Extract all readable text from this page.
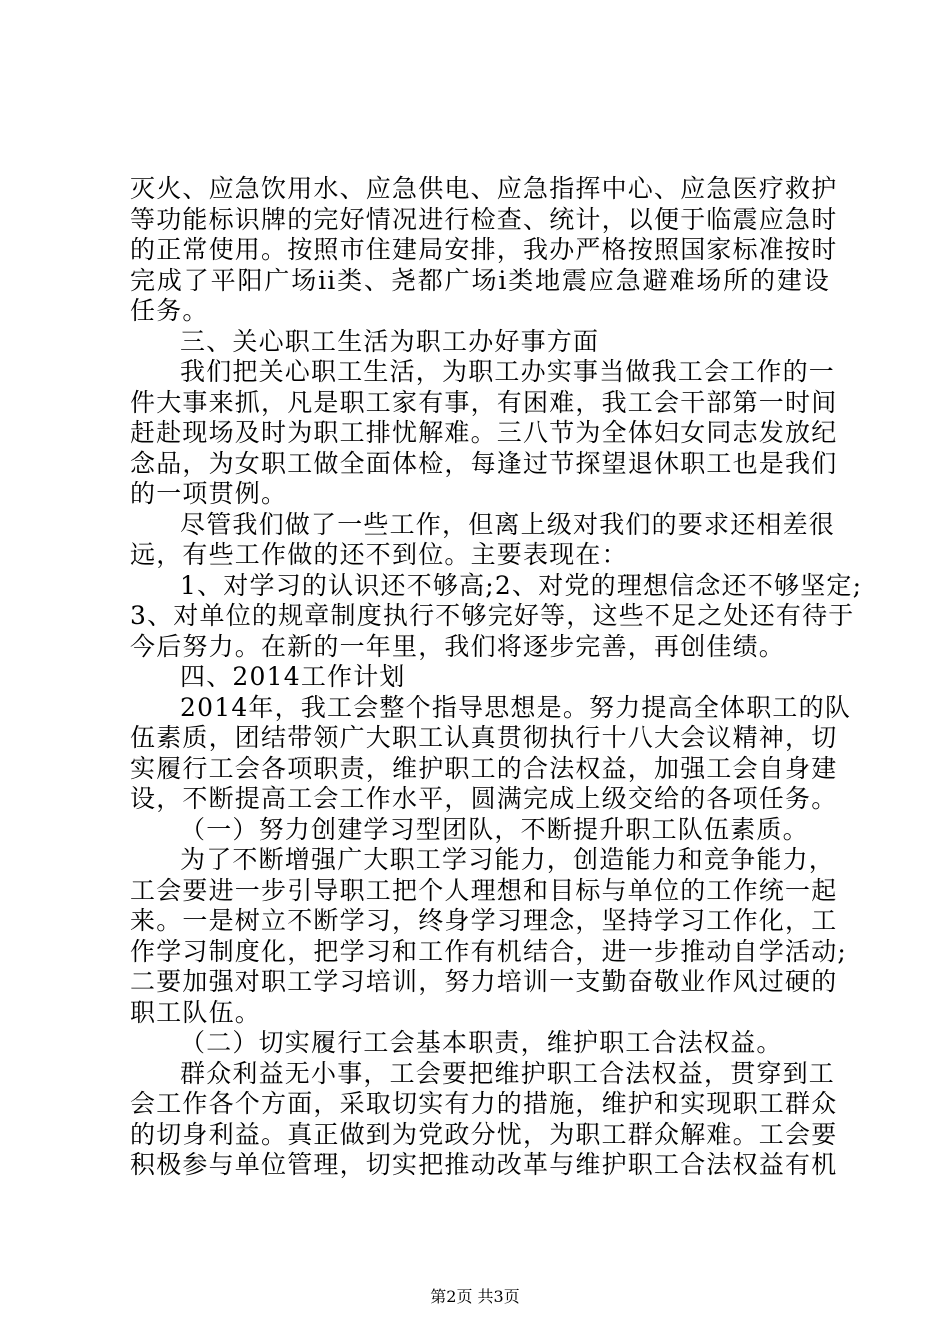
灭火、应急饮用水、应急供电、应急指挥中心、应急医疗救护
等功能标识牌的完好情况进行检查、统计，以便于临震应急时
的正常使用。按照市住建局安排，我办严格按照国家标准按时
完成了平阳广场ii类、尧都广场i类地震应急避难场所的建设
任务。
三、关心职工生活为职工办好事方面
我们把关心职工生活，为职工办实事当做我工会工作的一
件大事来抓，凡是职工家有事，有困难，我工会干部第一时间
赶赴现场及时为职工排忧解难。三八节为全体妇女同志发放纪
念品，为女职工做全面体检，每逢过节探望退休职工也是我们
的一项贯例。
尽管我们做了一些工作，但离上级对我们的要求还相差很
远，有些工作做的还不到位。主要表现在：
1、对学习的认识还不够高;2、对党的理想信念还不够坚定;
3、对单位的规章制度执行不够完好等，这些不足之处还有待于
今后努力。在新的一年里，我们将逐步完善，再创佳绩。
四、2014工作计划
2014年，我工会整个指导思想是。努力提高全体职工的队
伍素质，团结带领广大职工认真贯彻执行十八大会议精神，切
实履行工会各项职责，维护职工的合法权益，加强工会自身建
设，不断提高工会工作水平，圆满完成上级交给的各项任务。
（一）努力创建学习型团队，不断提升职工队伍素质。
为了不断增强广大职工学习能力，创造能力和竞争能力，
工会要进一步引导职工把个人理想和目标与单位的工作统一起
来。一是树立不断学习，终身学习理念，坚持学习工作化，工
作学习制度化，把学习和工作有机结合，进一步推动自学活动;
二要加强对职工学习培训，努力培训一支勤奋敬业作风过硬的
职工队伍。
（二）切实履行工会基本职责，维护职工合法权益。
群众利益无小事，工会要把维护职工合法权益，贯穿到工
会工作各个方面，采取切实有力的措施，维护和实现职工群众
的切身利益。真正做到为党政分忧，为职工群众解难。工会要
积极参与单位管理，切实把推动改革与维护职工合法权益有机
第2页 共3页
